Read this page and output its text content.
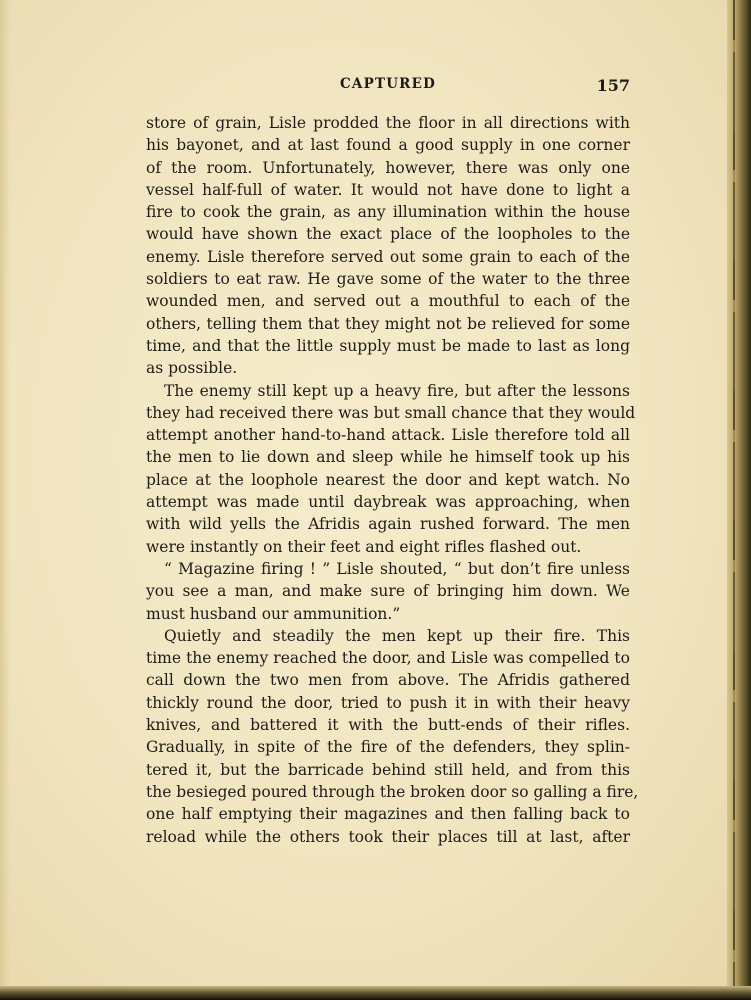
CAPTURED	157
store of grain, Lisle prodded the floor in all directions with
his bayonet, and at last found a good supply in one corner
of the room. Unfortunately, however, there was only one
vessel half-full of water. It would not have done to light a
fire to cook the grain, as any illumination within the house
would have shown the exact place of the loopholes to the
enemy. Lisle therefore served out some grain to each of the
soldiers to eat raw. He gave some of the water to the three
wounded men, and served out a mouthful to each of the
others, telling them that they might not be relieved for some
time, and that the little supply must be made to last as long
as possible.
The enemy still kept up a heavy fire, but after the lessons
they had received there was but small chance that they would
attempt another hand-to-hand attack. Lisle therefore told all
the men to lie down and sleep while he himself took up his
place at the loophole nearest the door and kept watch. No
attempt was made until daybreak was approaching, when
with wild yells the Afridis again rushed forward. The men
were instantly on their feet and eight rifles flashed out.
“ Magazine firing ! ” Lisle shouted, “ but don’t fire unless
you see a man, and make sure of bringing him down. We
must husband our ammunition.”
Quietly and steadily the men kept up their fire. This
time the enemy reached the door, and Lisle was compelled to
call down the two men from above. The Afridis gathered
thickly round the door, tried to push it in with their heavy
knives, and battered it with the butt-ends of their rifles.
Gradually, in spite of the fire of the defenders, they splin-
tered it, but the barricade behind still held, and from this
the besieged poured through the broken door so galling a fire,
one half emptying their magazines and then falling back to
reload while the others took their places till at last, after
